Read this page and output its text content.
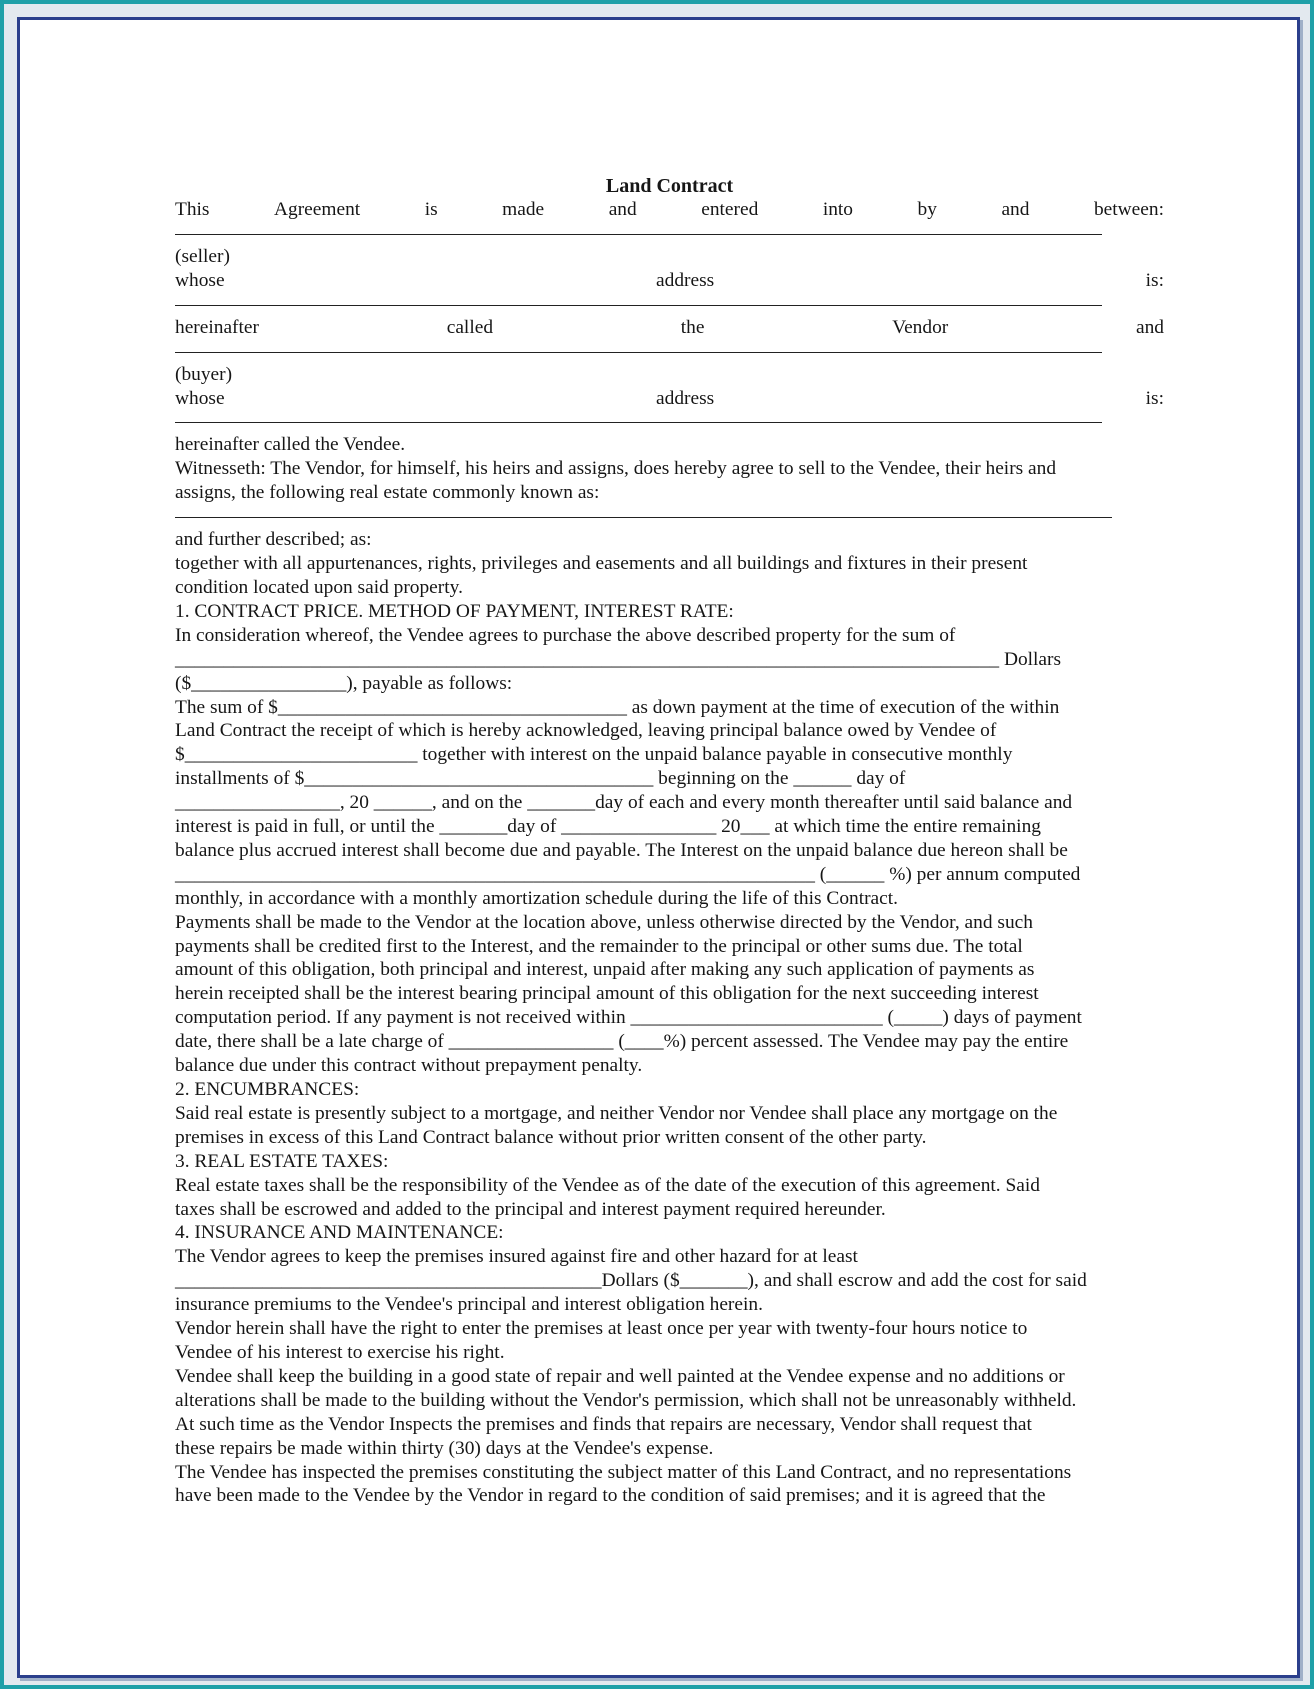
Land Contract

This	Agreement	is	made	and	entered	into	by	and	between:

(seller)

whose	address	is:
hereinafter	called	the	Vendor	and

(buyer)

whose	address	is:

hereinafter called the Vendee.

Witnesseth: The Vendor, for himself, his heirs and assigns, does hereby agree to sell to the Vendee, their heirs and

assigns, the following real estate commonly known as:

and further described; as:

together with all appurtenances, rights, privileges and easements and all buildings and fixtures in their present

condition located upon said property.

1. CONTRACT PRICE. METHOD OF PAYMENT, INTEREST RATE:

In consideration whereof, the Vendee agrees to purchase the above described property for the sum of

_____________________________________________________________________________________ Dollars

($________________), payable as follows:

The sum of $____________________________________ as down payment at the time of execution of the within

Land Contract the receipt of which is hereby acknowledged, leaving principal balance owed by Vendee of

$________________________ together with interest on the unpaid balance payable in consecutive monthly

installments of $____________________________________ beginning on the ______ day of

_________________, 20 ______, and on the _______day of each and every month thereafter until said balance and

interest is paid in full, or until the _______day of ________________ 20___ at which time the entire remaining

balance plus accrued interest shall become due and payable. The Interest on the unpaid balance due hereon shall be

__________________________________________________________________ (______ %) per annum computed

monthly, in accordance with a monthly amortization schedule during the life of this Contract.

Payments shall be made to the Vendor at the location above, unless otherwise directed by the Vendor, and such

payments shall be credited first to the Interest, and the remainder to the principal or other sums due. The total

amount of this obligation, both principal and interest, unpaid after making any such application of payments as

herein receipted shall be the interest bearing principal amount of this obligation for the next succeeding interest

computation period. If any payment is not received within __________________________ (_____) days of payment

date, there shall be a late charge of _________________ (____%) percent assessed. The Vendee may pay the entire

balance due under this contract without prepayment penalty.

2. ENCUMBRANCES:

Said real estate is presently subject to a mortgage, and neither Vendor nor Vendee shall place any mortgage on the

premises in excess of this Land Contract balance without prior written consent of the other party.

3. REAL ESTATE TAXES:

Real estate taxes shall be the responsibility of the Vendee as of the date of the execution of this agreement. Said

taxes shall be escrowed and added to the principal and interest payment required hereunder.

4. INSURANCE AND MAINTENANCE:

The Vendor agrees to keep the premises insured against fire and other hazard for at least

____________________________________________Dollars ($_______), and shall escrow and add the cost for said

insurance premiums to the Vendee's principal and interest obligation herein.

Vendor herein shall have the right to enter the premises at least once per year with twenty-four hours notice to

Vendee of his interest to exercise his right.

Vendee shall keep the building in a good state of repair and well painted at the Vendee expense and no additions or

alterations shall be made to the building without the Vendor's permission, which shall not be unreasonably withheld.

At such time as the Vendor Inspects the premises and finds that repairs are necessary, Vendor shall request that

these repairs be made within thirty (30) days at the Vendee's expense.

The Vendee has inspected the premises constituting the subject matter of this Land Contract, and no representations

have been made to the Vendee by the Vendor in regard to the condition of said premises; and it is agreed that the
